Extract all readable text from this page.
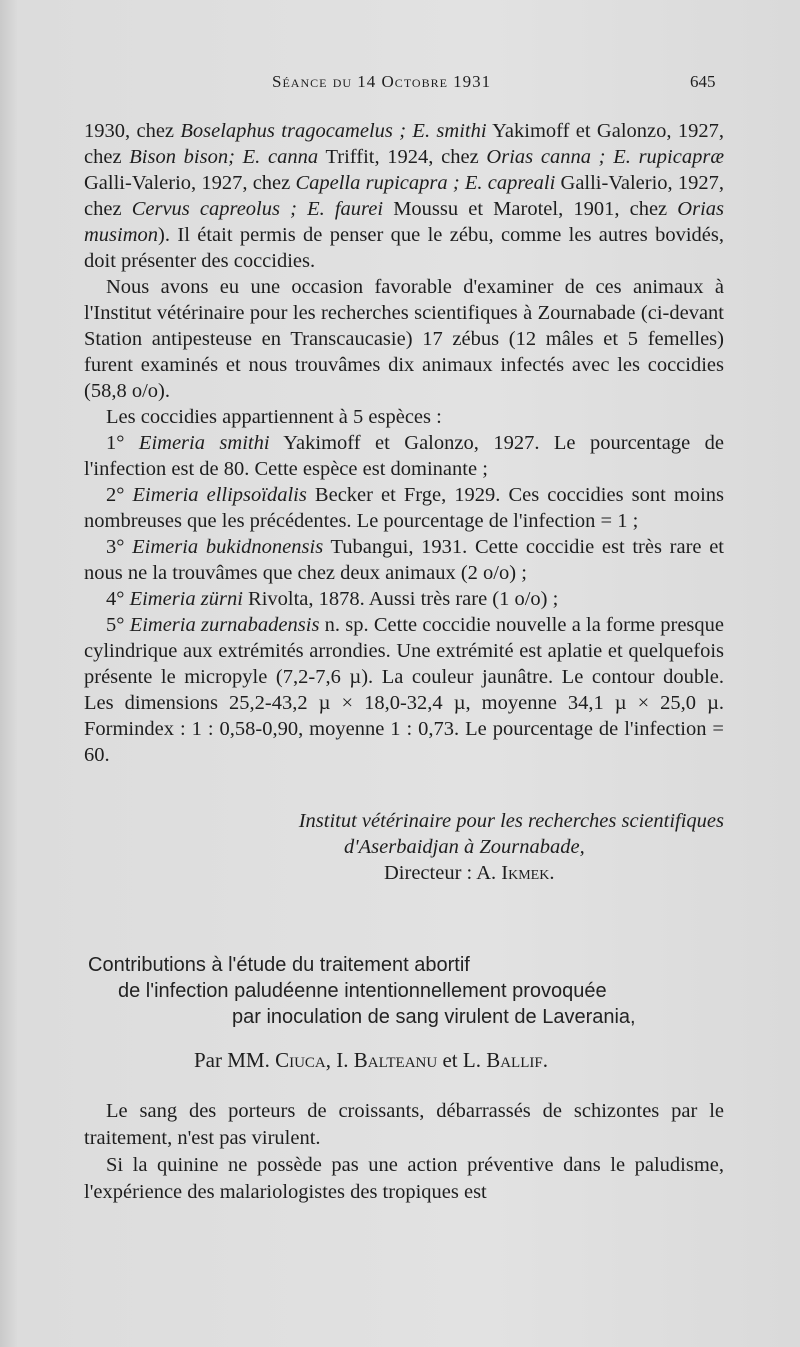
Séance du 14 Octobre 1931	645

1930, chez Boselaphus tragocamelus ; E. smithi Yakimoff et Galonzo, 1927, chez Bison bison; E. canna Triffit, 1924, chez Orias canna ; E. rupicapræ Galli-Valerio, 1927, chez Capella rupicapra ; E. capreali Galli-Valerio, 1927, chez Cervus capreolus ; E. faurei Moussu et Marotel, 1901, chez Orias musimon). Il était permis de penser que le zébu, comme les autres bovidés, doit présenter des coccidies.

Nous avons eu une occasion favorable d'examiner de ces animaux à l'Institut vétérinaire pour les recherches scientifiques à Zournabade (ci-devant Station antipesteuse en Transcaucasie) 17 zébus (12 mâles et 5 femelles) furent examinés et nous trouvâmes dix animaux infectés avec les coccidies (58,8 o/o).

Les coccidies appartiennent à 5 espèces :

1° Eimeria smithi Yakimoff et Galonzo, 1927. Le pourcentage de l'infection est de 80. Cette espèce est dominante ;

2° Eimeria ellipsoïdalis Becker et Frge, 1929. Ces coccidies sont moins nombreuses que les précédentes. Le pourcentage de l'infection = 1 ;

3° Eimeria bukidnonensis Tubangui, 1931. Cette coccidie est très rare et nous ne la trouvâmes que chez deux animaux (2 o/o) ;

4° Eimeria zürni Rivolta, 1878. Aussi très rare (1 o/o) ;

5° Eimeria zurnabadensis n. sp. Cette coccidie nouvelle a la forme presque cylindrique aux extrémités arrondies. Une extrémité est aplatie et quelquefois présente le micropyle (7,2-7,6 µ). La couleur jaunâtre. Le contour double. Les dimensions 25,2-43,2 µ × 18,0-32,4 µ, moyenne 34,1 µ × 25,0 µ. Formindex : 1 : 0,58-0,90, moyenne 1 : 0,73. Le pourcentage de l'infection = 60.

Institut vétérinaire pour les recherches scientifiques
d'Aserbaidjan à Zournabade,
Directeur : A. Ikmek.
Contributions à l'étude du traitement abortif
de l'infection paludéenne intentionnellement provoquée
par inoculation de sang virulent de Laverania,
Par MM. Ciuca, I. Balteanu et L. Ballif.

Le sang des porteurs de croissants, débarrassés de schizontes par le traitement, n'est pas virulent.

Si la quinine ne possède pas une action préventive dans le paludisme, l'expérience des malariologistes des tropiques est
